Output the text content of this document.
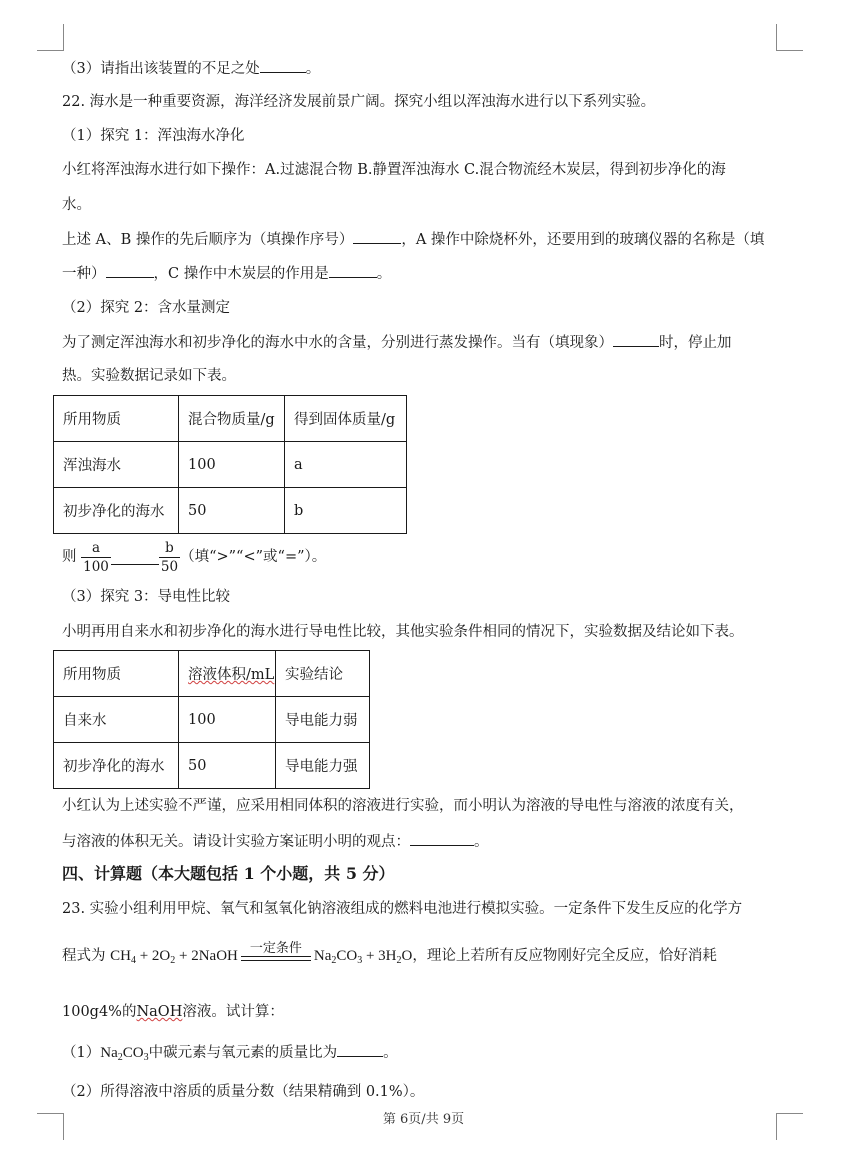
（3）请指出该装置的不足之处	。
22. 海水是一种重要资源，海洋经济发展前景广阔。探究小组以浑浊海水进行以下系列实验。
（1）探究 1：浑浊海水净化
小红将浑浊海水进行如下操作：A.过滤混合物 B.静置浑浊海水 C.混合物流经木炭层，得到初步净化的海
水。
上述 A、B 操作的先后顺序为（填操作序号）	，A 操作中除烧杯外，还要用到的玻璃仪器的名称是（填
一种）	，C 操作中木炭层的作用是	。
（2）探究 2：含水量测定
为了测定浑浊海水和初步净化的海水中水的含量，分别进行蒸发操作。当有（填现象）	时，停止加
热。实验数据记录如下表。
所用物质	混合物质量/g	得到固体质量/g
浑浊海水	100	a
初步净化的海水	50	b
则 $\frac{a}{100}$	$\frac{b}{50}$ （填“>”“<”或“=”）。
（3）探究 3：导电性比较
小明再用自来水和初步净化的海水进行导电性比较，其他实验条件相同的情况下，实验数据及结论如下表。
所用物质	溶液体积/mL	实验结论
自来水	100	导电能力弱
初步净化的海水	50	导电能力强
小红认为上述实验不严谨，应采用相同体积的溶液进行实验，而小明认为溶液的导电性与溶液的浓度有关，
与溶液的体积无关。请设计实验方案证明小明的观点：	。
四、计算题（本大题包括 1 个小题，共 5 分）
23. 实验小组利用甲烷、氧气和氢氧化钠溶液组成的燃料电池进行模拟实验。一定条件下发生反应的化学方
程式为 $CH_4 + 2O_2$ + 2NaOH
一定条件
$Na_2CO_3 + 3H_2O$，理论上若所有反应物刚好完全反应，恰好消耗
100g4%的NaOH溶液。试计算：
$(1)Na_2CO_3$中碳元素与氧元素的质量比为	。
（2）所得溶液中溶质的质量分数（结果精确到 0.1%）。
第 6页/共 9页
